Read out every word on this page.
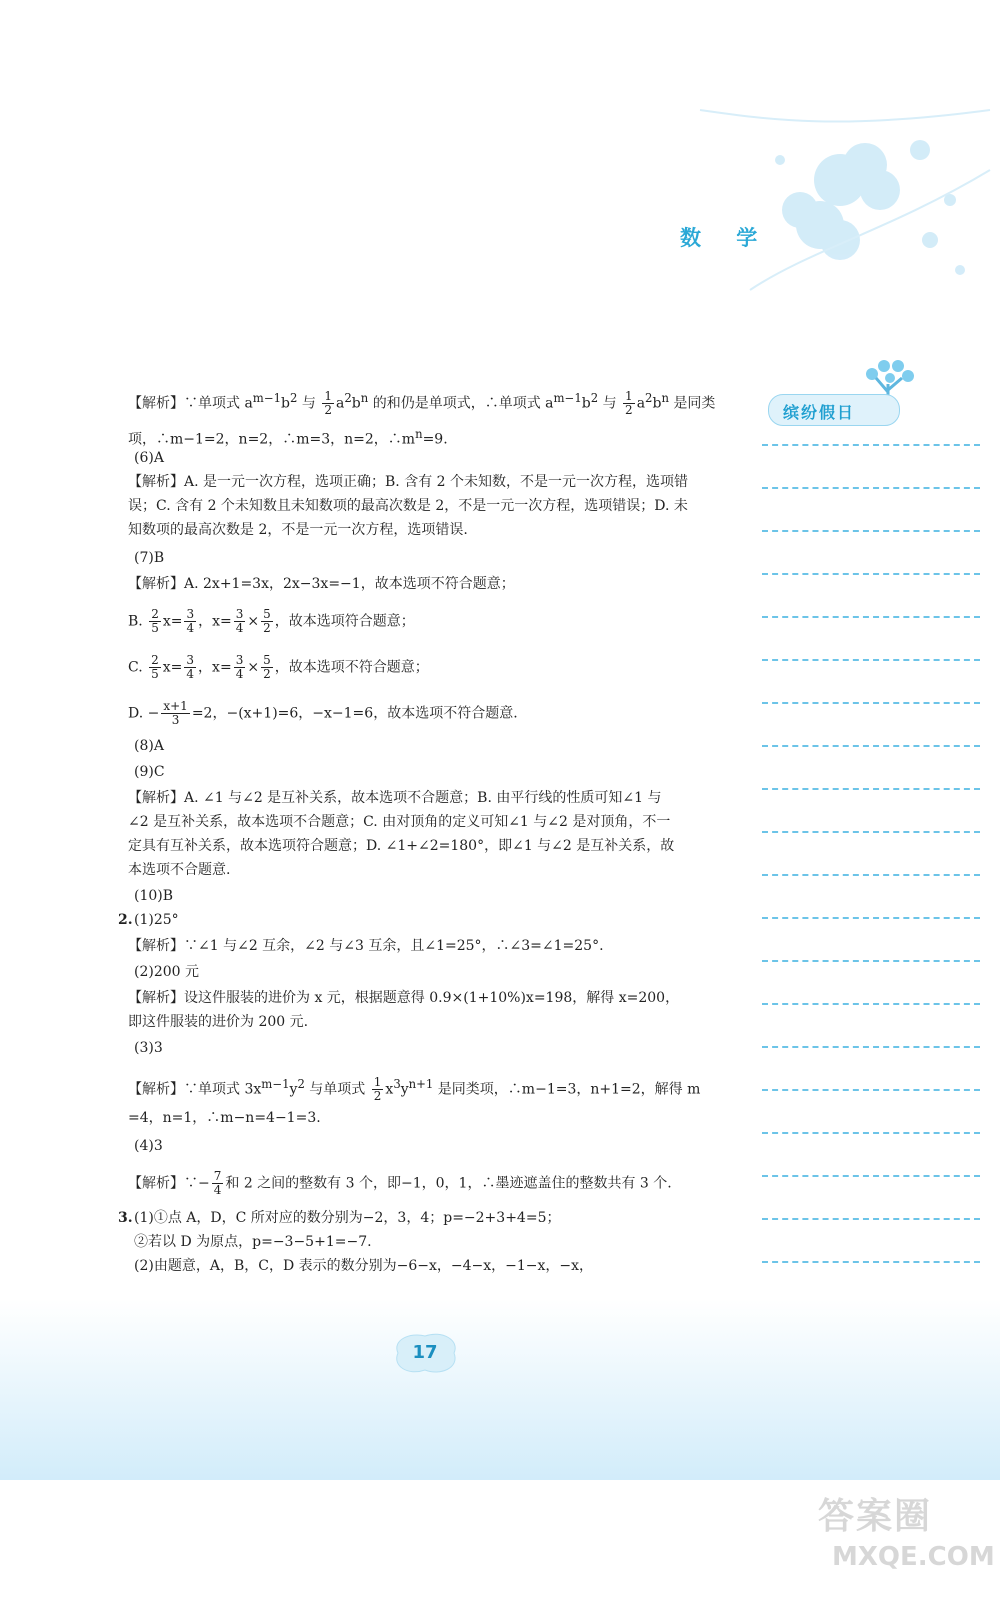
数 学
缤纷假日
【解析】∵单项式 $a^{m-1}b^2$ 与 $\frac{1}{2} a^2b^n$ 的和仍是单项式，∴单项式 $a^{m-1}b^2$ 与 $\frac{1}{2} a^2b^n$ 是同类
项，∴m−1=2，n=2，∴m=3，n=2，$\therefore m^n=9$.
(6)A
【解析】A. 是一元一次方程，选项正确；B. 含有 2 个未知数，不是一元一次方程，选项错
误；C. 含有 2 个未知数且未知数项的最高次数是 2，不是一元一次方程，选项错误；D. 未
知数项的最高次数是 2，不是一元一次方程，选项错误.
(7)B
【解析】A. 2x+1=3x，2x−3x=−1，故本选项不符合题意；
B. $\frac{2}{5} x= \frac{3}{4}$ ，$x= \frac{3}{4} \times \frac{5}{2}$ ，故本选项符合题意；
C. $\frac{2}{5} x= \frac{3}{4}$ ，$x= \frac{3}{4} \times \frac{5}{2}$ ，故本选项不符合题意；
D. − $\frac{x+1}{3} =2$，−(x+1)=6，−x−1=6，故本选项不符合题意.
(8)A
(9)C
【解析】A. ∠1 与∠2 是互补关系，故本选项不合题意；B. 由平行线的性质可知∠1 与
∠2 是互补关系，故本选项不合题意；C. 由对顶角的定义可知∠1 与∠2 是对顶角，不一
定具有互补关系，故本选项符合题意；D. ∠1+∠2=180°，即∠1 与∠2 是互补关系，故
本选项不合题意.
(10)B
2. (1)25°
【解析】∵∠1 与∠2 互余，∠2 与∠3 互余，且∠1=25°，∴∠3=∠1=25°.
(2)200 元
【解析】设这件服装的进价为 x 元，根据题意得 0.9×(1+10%)x=198，解得 x=200，
即这件服装的进价为 200 元.
(3)3
【解析】∵单项式 $3x^{m-1}y^2$ 与单项式 $\frac{1}{2} x^3y^{n+1}$ 是同类项，∴m−1=3，n+1=2，解得 m
=4，n=1，∴m−n=4−1=3.
(4)3
【解析】∵− $\frac{7}{4}$ 和 2 之间的整数有 3 个，即−1，0，1，∴墨迹遮盖住的整数共有 3 个.
3. (1)①点 A，D，C 所对应的数分别为−2，3，4；p=−2+3+4=5；
②若以 D 为原点，p=−3−5+1=−7.
(2)由题意，A，B，C，D 表示的数分别为−6−x，−4−x，−1−x，−x，
17
答案圈
MXQE.COM
